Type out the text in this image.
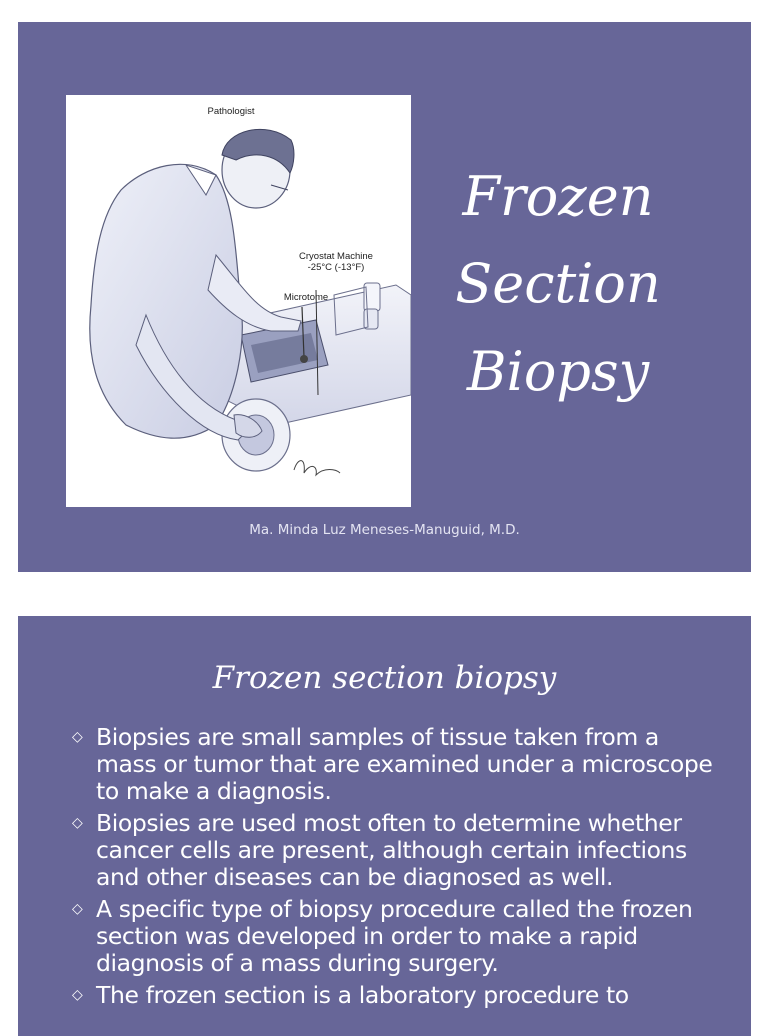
Pathologist
Cryostat Machine
-25°C (-13°F)
Microtome
Frozen
Section
Biopsy
Ma. Minda Luz Meneses-Manuguid, M.D.
Frozen section biopsy
◇ Biopsies are small samples of tissue taken from a mass or tumor that are examined under a microscope to make a diagnosis.
◇ Biopsies are used most often to determine whether cancer cells are present, although certain infections and other diseases can be diagnosed as well.
◇ A specific type of biopsy procedure called the frozen section was developed in order to make a rapid diagnosis of a mass during surgery.
◇ The frozen section is a laboratory procedure to
